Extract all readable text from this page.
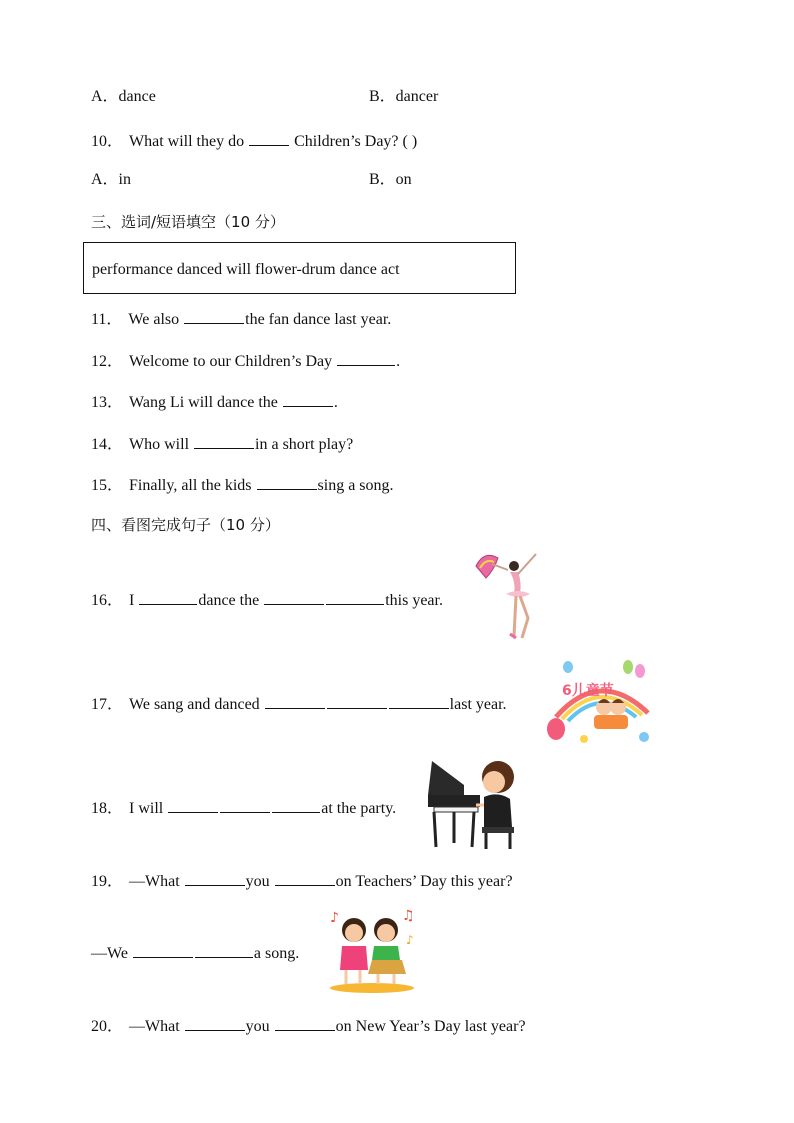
A．dance	B．dancer
10． What will they do	Children’s Day? ( )
A．in	B．on
三、选词/短语填空（10 分）
performance danced will flower-drum dance act
11． We also	the fan dance last year.
12． Welcome to our Children’s Day	.
13． Wang Li will dance the	.
14． Who will	in a short play?
15． Finally, all the kids	sing a song.
四、看图完成句子（10 分）
16． I	dance the	this year.
17． We sang and danced	last year.
6儿童节
18． I will	at the party.
19． —What	you	on Teachers’ Day this year?
—We	a song.
♪	♫
♪
20． —What	you	on New Year’s Day last year?
